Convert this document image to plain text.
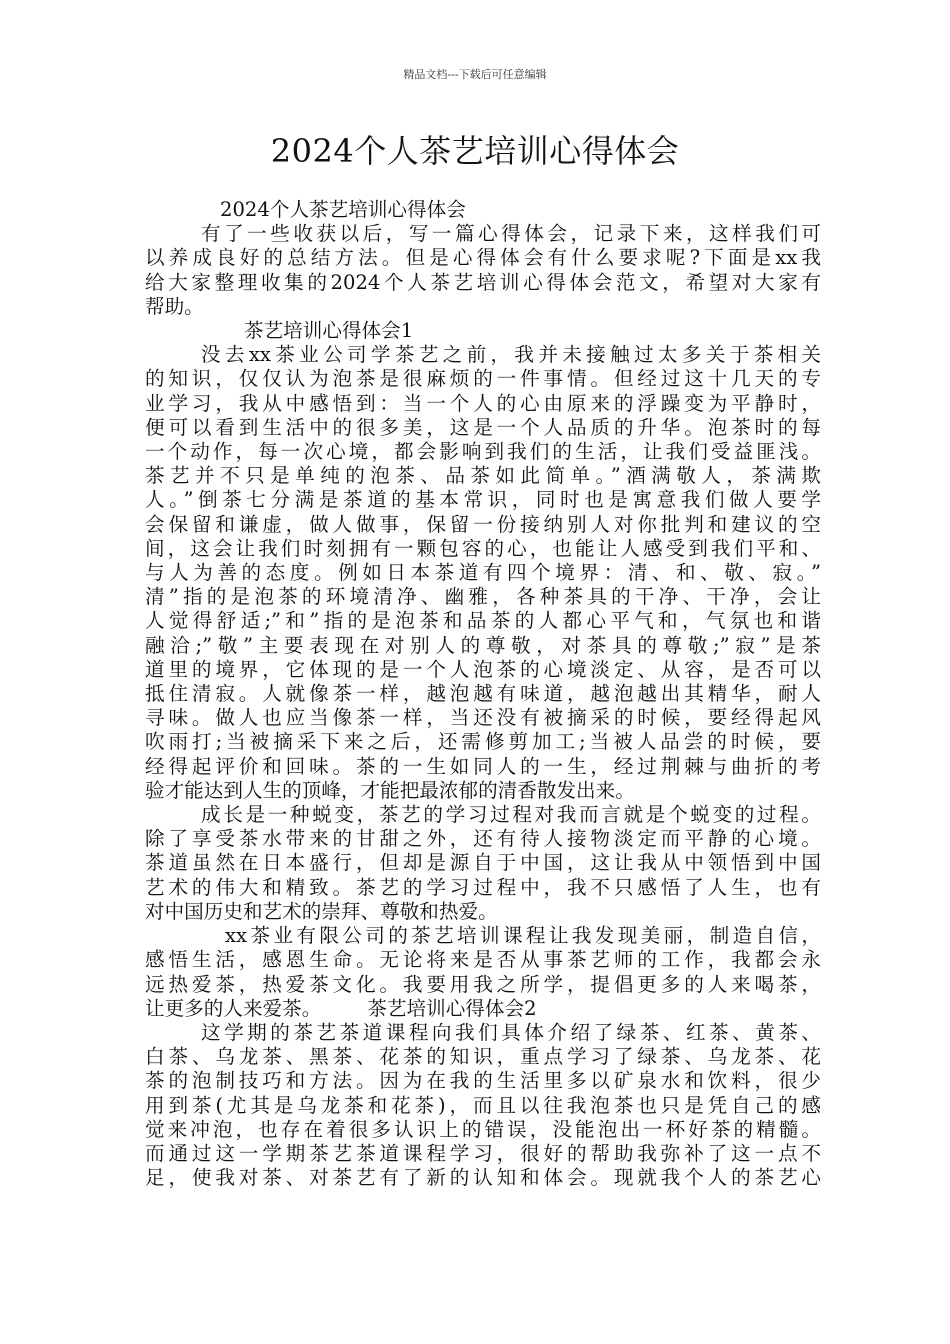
精品文档---下载后可任意编辑
2024个人茶艺培训心得体会

2024个人茶艺培训心得体会

有了一些收获以后，写一篇心得体会，记录下来，这样我们可
以养成良好的总结方法。但是心得体会有什么要求呢?下面是xx我
给大家整理收集的2024个人茶艺培训心得体会范文，希望对大家有
帮助。

茶艺培训心得体会1

没去xx茶业公司学茶艺之前，我并未接触过太多关于茶相关
的知识，仅仅认为泡茶是很麻烦的一件事情。但经过这十几天的专
业学习，我从中感悟到：当一个人的心由原来的浮躁变为平静时，
便可以看到生活中的很多美，这是一个人品质的升华。泡茶时的每
一个动作，每一次心境，都会影响到我们的生活，让我们受益匪浅。
茶艺并不只是单纯的泡茶、品茶如此简单。”酒满敬人，茶满欺
人。”倒茶七分满是茶道的基本常识，同时也是寓意我们做人要学
会保留和谦虚，做人做事，保留一份接纳别人对你批判和建议的空
间，这会让我们时刻拥有一颗包容的心，也能让人感受到我们平和、
与人为善的态度。例如日本茶道有四个境界：清、和、敬、寂。”
清”指的是泡茶的环境清净、幽雅，各种茶具的干净、干净，会让
人觉得舒适;”和”指的是泡茶和品茶的人都心平气和，气氛也和谐
融洽;”敬”主要表现在对别人的尊敬，对茶具的尊敬;”寂”是茶
道里的境界，它体现的是一个人泡茶的心境淡定、从容，是否可以
抵住清寂。人就像茶一样，越泡越有味道，越泡越出其精华，耐人
寻味。做人也应当像茶一样，当还没有被摘采的时候，要经得起风
吹雨打;当被摘采下来之后，还需修剪加工;当被人品尝的时候，要
经得起评价和回味。茶的一生如同人的一生，经过荆棘与曲折的考
验才能达到人生的顶峰，才能把最浓郁的清香散发出来。

成长是一种蜕变，茶艺的学习过程对我而言就是个蜕变的过程。
除了享受茶水带来的甘甜之外，还有待人接物淡定而平静的心境。
茶道虽然在日本盛行，但却是源自于中国，这让我从中领悟到中国
艺术的伟大和精致。茶艺的学习过程中，我不只感悟了人生，也有
对中国历史和艺术的崇拜、尊敬和热爱。

xx茶业有限公司的茶艺培训课程让我发现美丽，制造自信，
感悟生活，感恩生命。无论将来是否从事茶艺师的工作，我都会永
远热爱茶，热爱茶文化。我要用我之所学，提倡更多的人来喝茶，
让更多的人来爱茶。 茶艺培训心得体会2

这学期的茶艺茶道课程向我们具体介绍了绿茶、红茶、黄茶、
白茶、乌龙茶、黑茶、花茶的知识，重点学习了绿茶、乌龙茶、花
茶的泡制技巧和方法。因为在我的生活里多以矿泉水和饮料，很少
用到茶(尤其是乌龙茶和花茶)，而且以往我泡茶也只是凭自己的感
觉来冲泡，也存在着很多认识上的错误，没能泡出一杯好茶的精髓。
而通过这一学期茶艺茶道课程学习，很好的帮助我弥补了这一点不
足，使我对茶、对茶艺有了新的认知和体会。现就我个人的茶艺心
